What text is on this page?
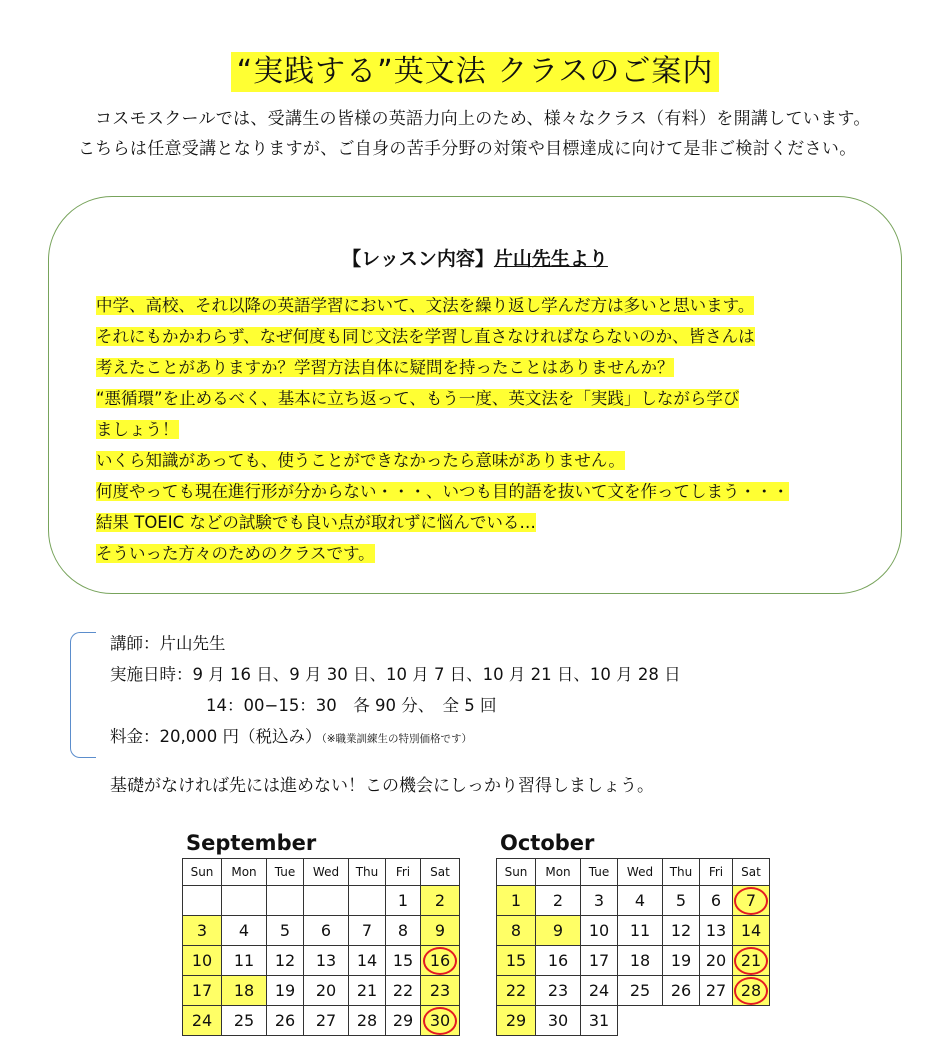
“実践する”英文法 クラスのご案内

コスモスクールでは、受講生の皆様の英語力向上のため、様々なクラス（有料）を開講しています。こちらは任意受講となりますが、ご自身の苦手分野の対策や目標達成に向けて是非ご検討ください。

【レッスン内容】片山先生より
中学、高校、それ以降の英語学習において、文法を繰り返し学んだ方は多いと思います。
それにもかかわらず、なぜ何度も同じ文法を学習し直さなければならないのか、皆さんは
考えたことがありますか？学習方法自体に疑問を持ったことはありませんか？
“悪循環”を止めるべく、基本に立ち返って、もう一度、英文法を「実践」しながら学び
ましょう！
いくら知識があっても、使うことができなかったら意味がありません。
何度やっても現在進行形が分からない・・・、いつも目的語を抜いて文を作ってしまう・・・
結果 TOEIC などの試験でも良い点が取れずに悩んでいる…
そういった方々のためのクラスです。
講師：片山先生
実施日時：9 月 16 日、9 月 30 日、10 月 7 日、10 月 21 日、10 月 28 日
14：00−15：30　各 90 分、　全 5 回
料金：20,000 円（税込み）（※職業訓練生の特別価格です）
基礎がなければ先には進めない！この機会にしっかり習得しましょう。
September
Sun	Mon	Tue	Wed	Thu	Fri	Sat
					1	2
3	4	5	6	7	8	9
10	11	12	13	14	15	16
17	18	19	20	21	22	23
24	25	26	27	28	29	30
October
Sun	Mon	Tue	Wed	Thu	Fri	Sat
1	2	3	4	5	6	7
8	9	10	11	12	13	14
15	16	17	18	19	20	21
22	23	24	25	26	27	28
29	30	31				
